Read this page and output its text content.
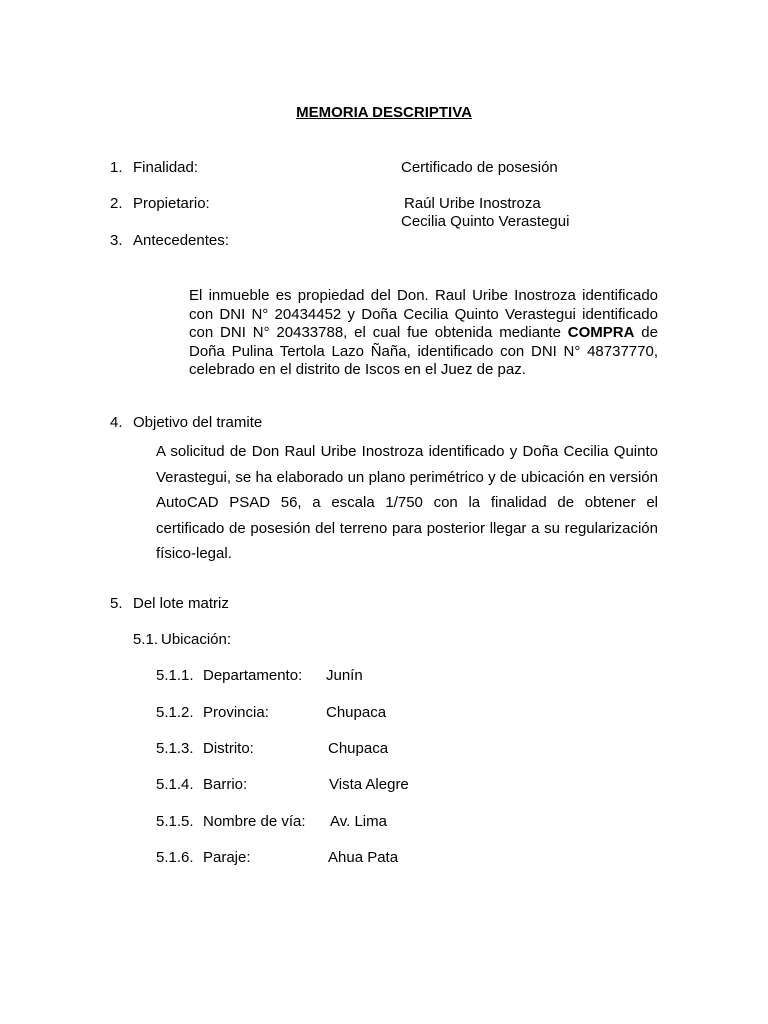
MEMORIA DESCRIPTIVA
1. Finalidad:	Certificado de posesión
2. Propietario:	Raúl Uribe Inostroza
Cecilia Quinto Verastegui
3. Antecedentes:
El inmueble es propiedad del Don. Raul Uribe Inostroza identificado con DNI N° 20434452 y Doña Cecilia Quinto Verastegui identificado con DNI N° 20433788, el cual fue obtenida mediante COMPRA de Doña Pulina Tertola Lazo Ñaña, identificado con DNI N° 48737770, celebrado en el distrito de Iscos en el Juez de paz.
4. Objetivo del tramite
A solicitud de Don Raul Uribe Inostroza identificado y Doña Cecilia Quinto Verastegui, se ha elaborado un plano perimétrico y de ubicación en versión AutoCAD PSAD 56, a escala 1/750 con la finalidad de obtener el certificado de posesión del terreno para posterior llegar a su regularización físico-legal.
5. Del lote matriz
5.1. Ubicación:
5.1.1. Departamento: Junín
5.1.2. Provincia:	Chupaca
5.1.3. Distrito:	Chupaca
5.1.4. Barrio:	Vista Alegre
5.1.5. Nombre de vía: Av. Lima
5.1.6. Paraje:	Ahua Pata
